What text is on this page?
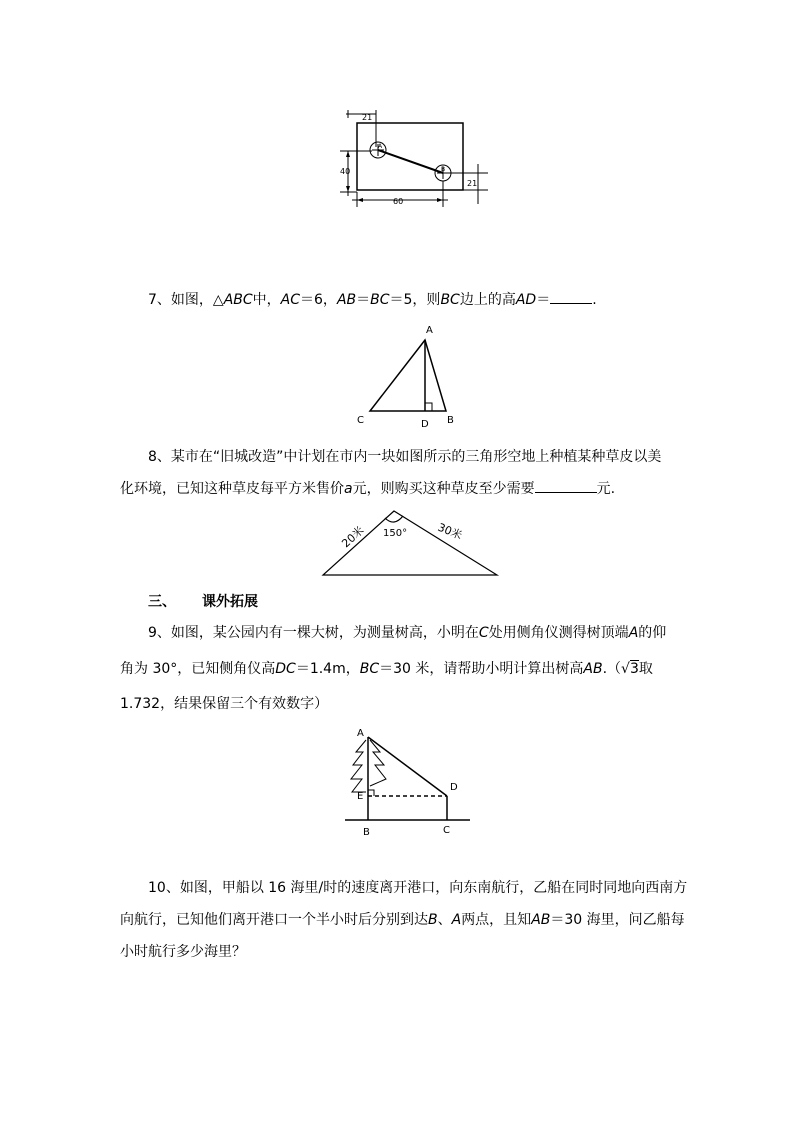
21
40
21
60
A
B
7、如图，△ABC中，AC＝6，AB＝BC＝5，则BC边上的高AD＝	.
A
C	D B
8、某市在“旧城改造”中计划在市内一块如图所示的三角形空地上种植某种草皮以美
化环境，已知这种草皮每平方米售价a元，则购买这种草皮至少需要	元.
20米	30米
150°
三、 课外拓展
9、如图，某公园内有一棵大树，为测量树高，小明在C处用侧角仪测得树顶端A的仰
角为 30°，已知侧角仪高DC＝1.4m，BC＝30 米，请帮助小明计算出树高AB.（√3取
1.732，结果保留三个有效数字）
A
E
B	C
D
10、如图，甲船以 16 海里/时的速度离开港口，向东南航行，乙船在同时同地向西南方
向航行，已知他们离开港口一个半小时后分别到达B、A两点，且知AB＝30 海里，问乙船每
小时航行多少海里？
